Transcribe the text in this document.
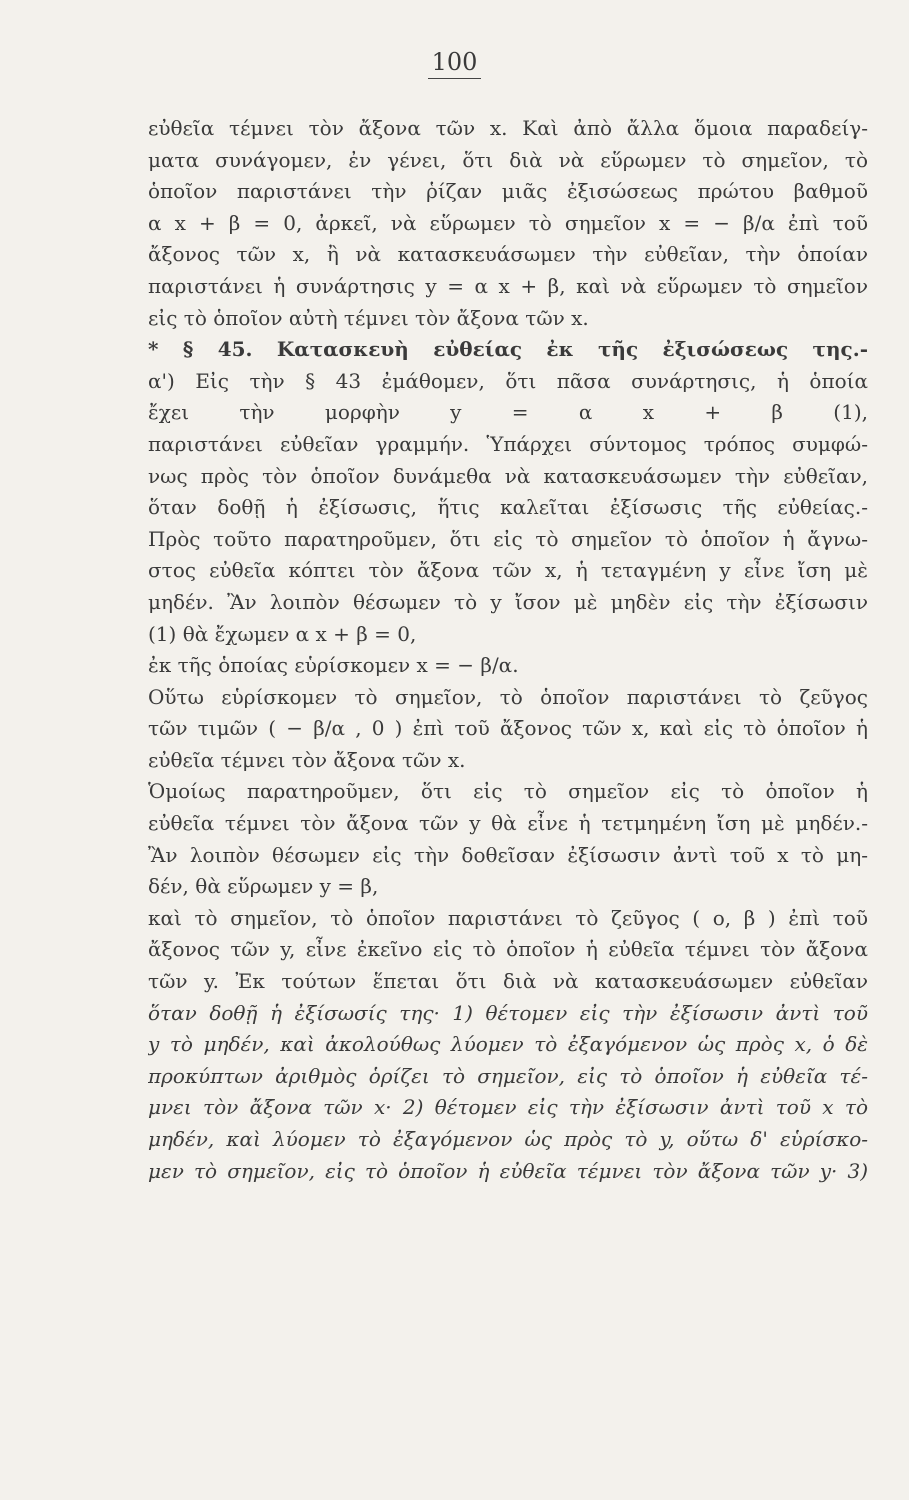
100
εὐθεῖα τέμνει τὸν ἄξονα τῶν x. Καὶ ἀπὸ ἄλλα ὅμοια παραδείγ-
ματα συνάγομεν, ἐν γένει, ὅτι διὰ νὰ εὕρωμεν τὸ σημεῖον, τὸ
ὁποῖον παριστάνει τὴν ῥίζαν μιᾶς ἐξισώσεως πρώτου βαθμοῦ
α x + β = 0, ἀρκεῖ, νὰ εὕρωμεν τὸ σημεῖον x = − β/α ἐπὶ τοῦ
ἄξονος τῶν x, ἢ νὰ κατασκευάσωμεν τὴν εὐθεῖαν, τὴν ὁποίαν
παριστάνει ἡ συνάρτησις y = α x + β, καὶ νὰ εὕρωμεν τὸ σημεῖον
εἰς τὸ ὁποῖον αὐτὴ τέμνει τὸν ἄξονα τῶν x.
* § 45. Κατασκευὴ εὐθείας ἐκ τῆς ἐξισώσεως της.-
α') Εἰς τὴν § 43 ἐμάθομεν, ὅτι πᾶσα συνάρτησις, ἡ ὁποία
ἔχει τὴν μορφὴν y = α x + β (1),
παριστάνει εὐθεῖαν γραμμήν. Ὑπάρχει σύντομος τρόπος συμφώ-
νως πρὸς τὸν ὁποῖον δυνάμεθα νὰ κατασκευάσωμεν τὴν εὐθεῖαν,
ὅταν δοθῇ ἡ ἐξίσωσις, ἥτις καλεῖται ἐξίσωσις τῆς εὐθείας.-
Πρὸς τοῦτο παρατηροῦμεν, ὅτι εἰς τὸ σημεῖον τὸ ὁποῖον ἡ ἄγνω-
στος εὐθεῖα κόπτει τὸν ἄξονα τῶν x, ἡ τεταγμένη y εἶνε ἴση μὲ
μηδέν. Ἂν λοιπὸν θέσωμεν τὸ y ἴσον μὲ μηδὲν εἰς τὴν ἐξίσωσιν
(1) θὰ ἔχωμεν α x + β = 0,
ἐκ τῆς ὁποίας εὑρίσκομεν x = − β/α.
Οὕτω εὑρίσκομεν τὸ σημεῖον, τὸ ὁποῖον παριστάνει τὸ ζεῦγος
τῶν τιμῶν ( − β/α , 0 ) ἐπὶ τοῦ ἄξονος τῶν x, καὶ εἰς τὸ ὁποῖον ἡ
εὐθεῖα τέμνει τὸν ἄξονα τῶν x.
Ὁμοίως παρατηροῦμεν, ὅτι εἰς τὸ σημεῖον εἰς τὸ ὁποῖον ἡ
εὐθεῖα τέμνει τὸν ἄξονα τῶν y θὰ εἶνε ἡ τετμημένη ἴση μὲ μηδέν.-
Ἂν λοιπὸν θέσωμεν εἰς τὴν δοθεῖσαν ἐξίσωσιν ἀντὶ τοῦ x τὸ μη-
δέν, θὰ εὕρωμεν y = β,
καὶ τὸ σημεῖον, τὸ ὁποῖον παριστάνει τὸ ζεῦγος ( o, β ) ἐπὶ τοῦ
ἄξονος τῶν y, εἶνε ἐκεῖνο εἰς τὸ ὁποῖον ἡ εὐθεῖα τέμνει τὸν ἄξονα
τῶν y. Ἐκ τούτων ἕπεται ὅτι διὰ νὰ κατασκευάσωμεν εὐθεῖαν
ὅταν δοθῇ ἡ ἐξίσωσίς της· 1) θέτομεν εἰς τὴν ἐξίσωσιν ἀντὶ τοῦ
y τὸ μηδέν, καὶ ἀκολούθως λύομεν τὸ ἐξαγόμενον ὡς πρὸς x, ὁ δὲ
προκύπτων ἀριθμὸς ὁρίζει τὸ σημεῖον, εἰς τὸ ὁποῖον ἡ εὐθεῖα τέ-
μνει τὸν ἄξονα τῶν x· 2) θέτομεν εἰς τὴν ἐξίσωσιν ἀντὶ τοῦ x τὸ
μηδέν, καὶ λύομεν τὸ ἐξαγόμενον ὡς πρὸς τὸ y, οὕτω δ' εὑρίσκο-
μεν τὸ σημεῖον, εἰς τὸ ὁποῖον ἡ εὐθεῖα τέμνει τὸν ἄξονα τῶν y· 3)
